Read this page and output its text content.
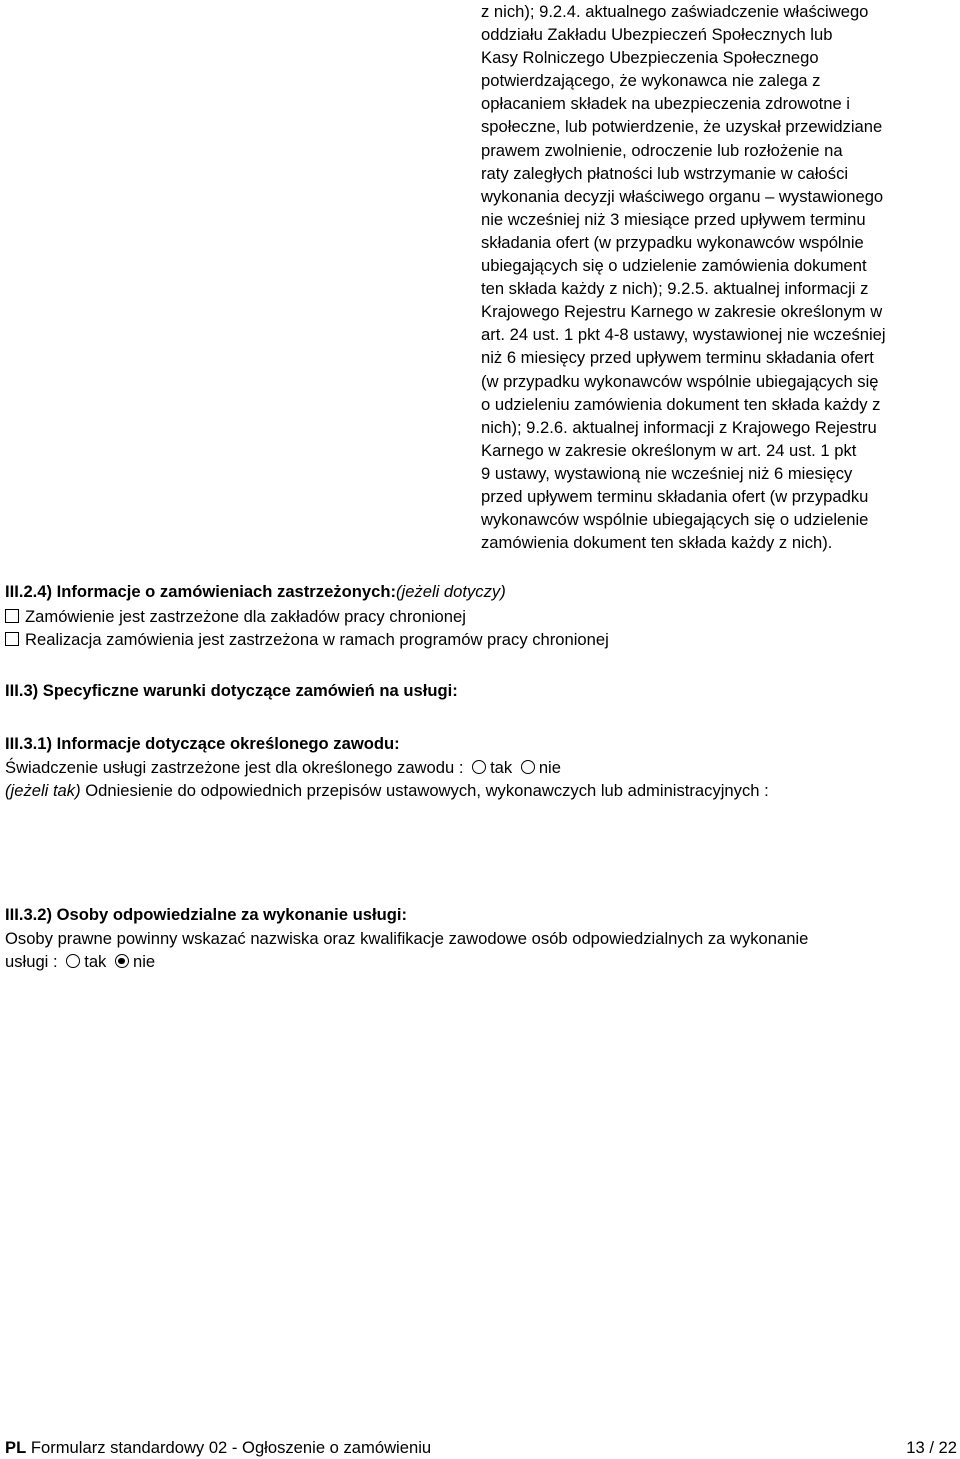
z nich); 9.2.4. aktualnego zaświadczenie właściwego
oddziału Zakładu Ubezpieczeń Społecznych lub
Kasy Rolniczego Ubezpieczenia Społecznego
potwierdzającego, że wykonawca nie zalega z
opłacaniem składek na ubezpieczenia zdrowotne i
społeczne, lub potwierdzenie, że uzyskał przewidziane
prawem zwolnienie, odroczenie lub rozłożenie na
raty zaległych płatności lub wstrzymanie w całości
wykonania decyzji właściwego organu – wystawionego
nie wcześniej niż 3 miesiące przed upływem terminu
składania ofert (w przypadku wykonawców wspólnie
ubiegających się o udzielenie zamówienia dokument
ten składa każdy z nich); 9.2.5. aktualnej informacji z
Krajowego Rejestru Karnego w zakresie określonym w
art. 24 ust. 1 pkt 4-8 ustawy, wystawionej nie wcześniej
niż 6 miesięcy przed upływem terminu składania ofert
(w przypadku wykonawców wspólnie ubiegających się
o udzieleniu zamówienia dokument ten składa każdy z
nich); 9.2.6. aktualnej informacji z Krajowego Rejestru
Karnego w zakresie określonym w art. 24 ust. 1 pkt
9 ustawy, wystawioną nie wcześniej niż 6 miesięcy
przed upływem terminu składania ofert (w przypadku
wykonawców wspólnie ubiegających się o udzielenie
zamówienia dokument ten składa każdy z nich).
III.2.4) Informacje o zamówieniach zastrzeżonych:(jeżeli dotyczy)
Zamówienie jest zastrzeżone dla zakładów pracy chronionej
Realizacja zamówienia jest zastrzeżona w ramach programów pracy chronionej
III.3) Specyficzne warunki dotyczące zamówień na usługi:
III.3.1) Informacje dotyczące określonego zawodu:
Świadczenie usługi zastrzeżone jest dla określonego zawodu : tak nie
(jeżeli tak) Odniesienie do odpowiednich przepisów ustawowych, wykonawczych lub administracyjnych :
III.3.2) Osoby odpowiedzialne za wykonanie usługi:
Osoby prawne powinny wskazać nazwiska oraz kwalifikacje zawodowe osób odpowiedzialnych za wykonanie
usługi : tak nie
PL Formularz standardowy 02 - Ogłoszenie o zamówieniu	13 / 22
